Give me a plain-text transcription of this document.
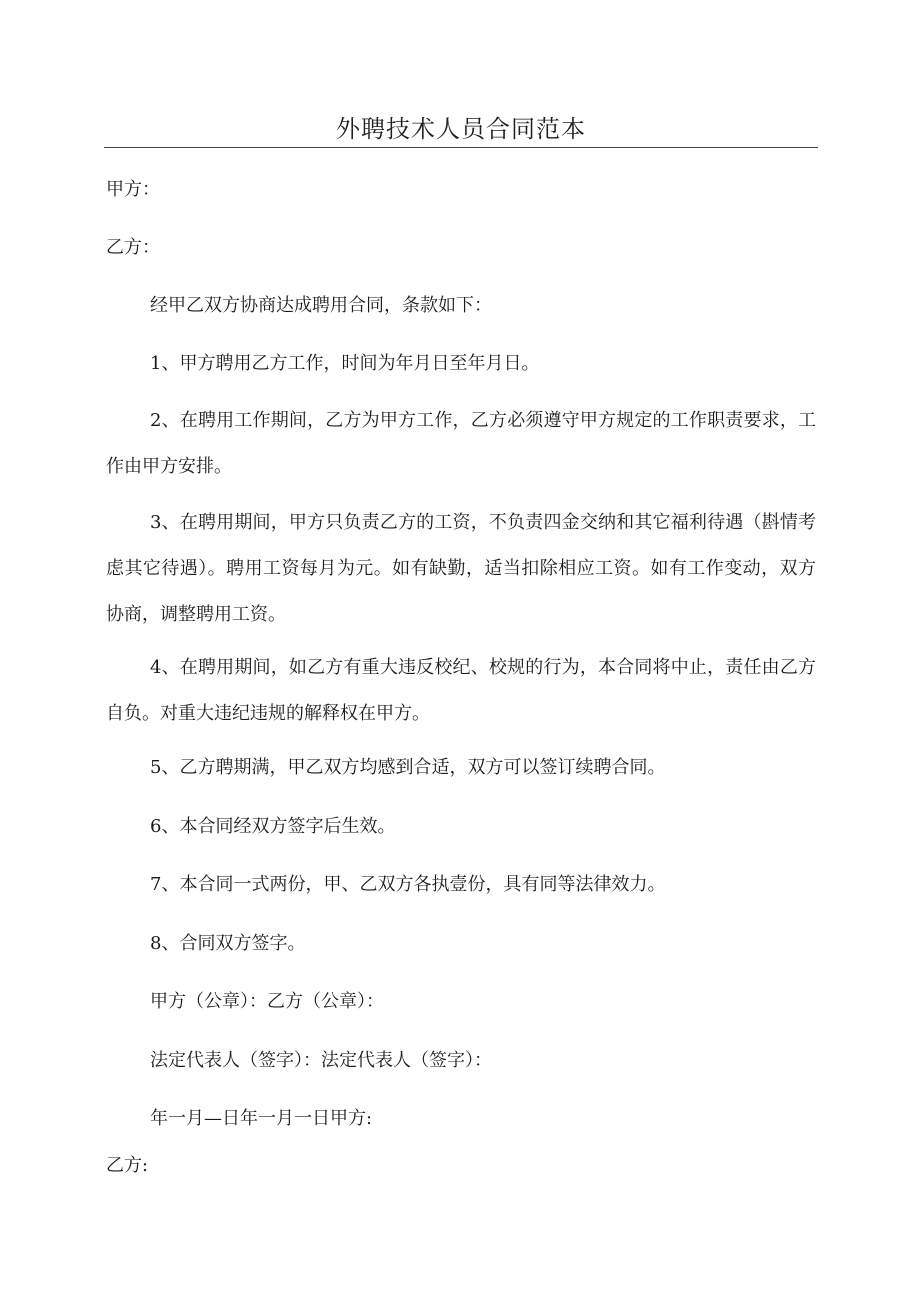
外聘技术人员合同范本
甲方：
乙方：
经甲乙双方协商达成聘用合同，条款如下：
1、甲方聘用乙方工作，时间为年月日至年月日。
2、在聘用工作期间，乙方为甲方工作，乙方必须遵守甲方规定的工作职责要求，工作由甲方安排。
3、在聘用期间，甲方只负责乙方的工资，不负责四金交纳和其它福利待遇（斟情考虑其它待遇）。聘用工资每月为元。如有缺勤，适当扣除相应工资。如有工作变动，双方协商，调整聘用工资。
4、在聘用期间，如乙方有重大违反校纪、校规的行为，本合同将中止，责任由乙方自负。对重大违纪违规的解释权在甲方。
5、乙方聘期满，甲乙双方均感到合适，双方可以签订续聘合同。
6、本合同经双方签字后生效。
7、本合同一式两份，甲、乙双方各执壹份，具有同等法律效力。
8、合同双方签字。
甲方（公章）：乙方（公章）：
法定代表人（签字）：法定代表人（签字）：
年一月—日年一月一日甲方:
乙方:
